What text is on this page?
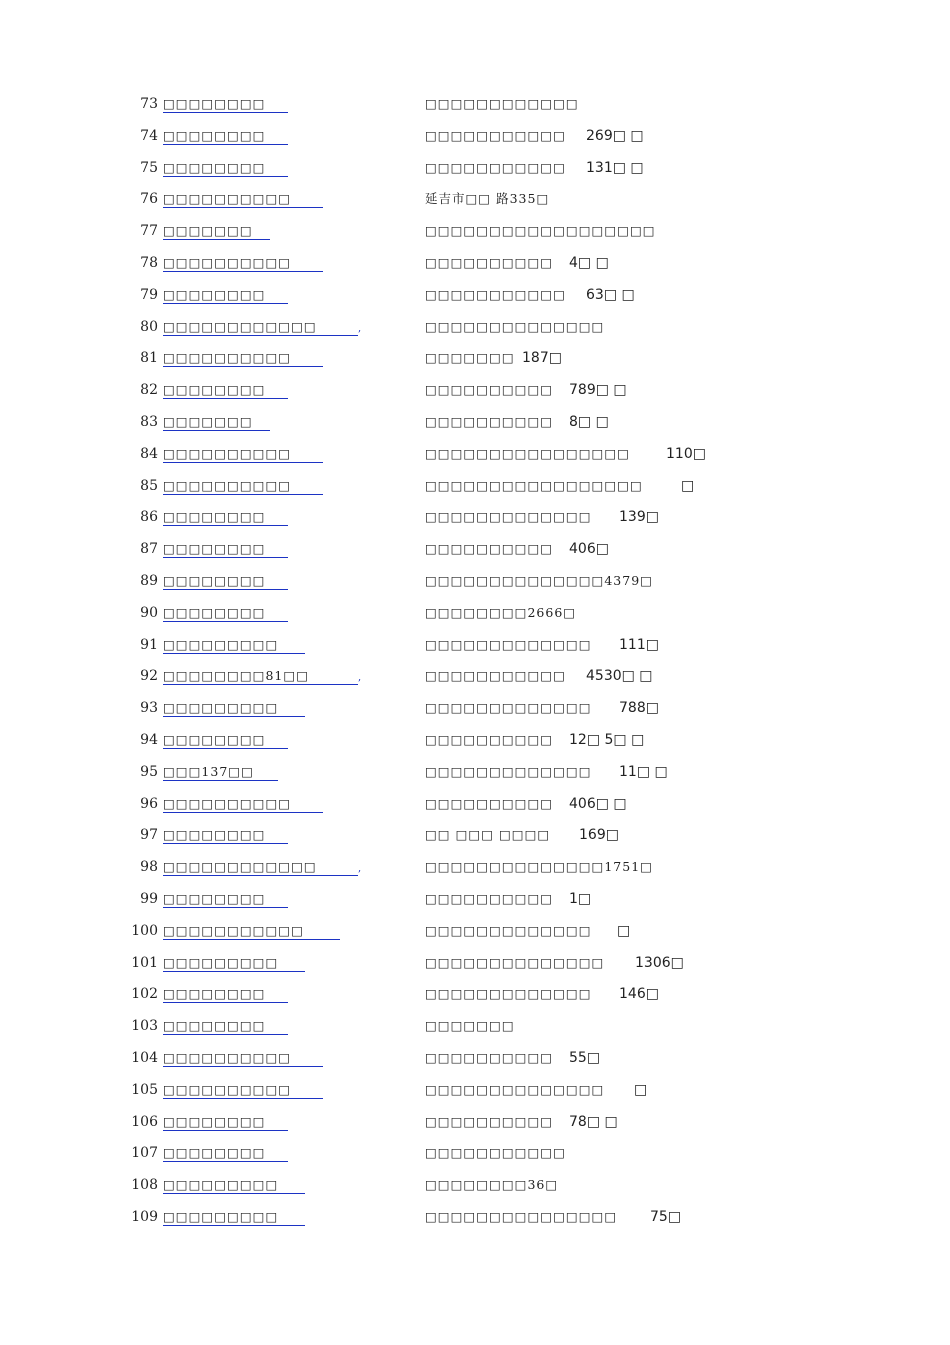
73 □□□□□□□□	□□□□□□□□□□□□
74 □□□□□□□□	□□□□□□□□□□□ 269□ □
75 □□□□□□□□	□□□□□□□□□□□ 131□ □
76 □□□□□□□□□□	延吉市□□ 路335□
77 □□□□□□□	□□□□□□□□□□□□□□□□□□
78 □□□□□□□□□□	□□□□□□□□□□ 4□ □
79 □□□□□□□□	□□□□□□□□□□□ 63□ □
80 □□□□□□□□□□□□	,	□□□□□□□□□□□□□□
81 □□□□□□□□□□	□□□□□□□ 187□
82 □□□□□□□□	□□□□□□□□□□ 789□ □
83 □□□□□□□	□□□□□□□□□□ 8□ □
84 □□□□□□□□□□	□□□□□□□□□□□□□□□□	110□
85 □□□□□□□□□□	□□□□□□□□□□□□□□□□□	□
86 □□□□□□□□	□□□□□□□□□□□□□ 139□
87 □□□□□□□□	□□□□□□□□□□ 406□
89 □□□□□□□□	□□□□□□□□□□□□□□4379□
90 □□□□□□□□	□□□□□□□□2666□
91 □□□□□□□□□	□□□□□□□□□□□□□ 111□
92 □□□□□□□□81□□	,	□□□□□□□□□□□ 4530□ □
93 □□□□□□□□□	□□□□□□□□□□□□□ 788□
94 □□□□□□□□	□□□□□□□□□□ 12□ 5□ □
95 □□□137□□	□□□□□□□□□□□□□ 11□ □
96 □□□□□□□□□□	□□□□□□□□□□ 406□ □
97 □□□□□□□□	□□ □□□ □□□□ 169□
98 □□□□□□□□□□□□	,	□□□□□□□□□□□□□□1751□
99 □□□□□□□□	□□□□□□□□□□ 1□
100 □□□□□□□□□□□	□□□□□□□□□□□□□ □
101 □□□□□□□□□	□□□□□□□□□□□□□□ 1306□
102 □□□□□□□□	□□□□□□□□□□□□□ 146□
103 □□□□□□□□	□□□□□□□
104 □□□□□□□□□□	□□□□□□□□□□ 55□
105 □□□□□□□□□□	□□□□□□□□□□□□□□ □
106 □□□□□□□□	□□□□□□□□□□ 78□ □
107 □□□□□□□□	□□□□□□□□□□□
108 □□□□□□□□□	□□□□□□□□36□
109 □□□□□□□□□	□□□□□□□□□□□□□□□ 75□
